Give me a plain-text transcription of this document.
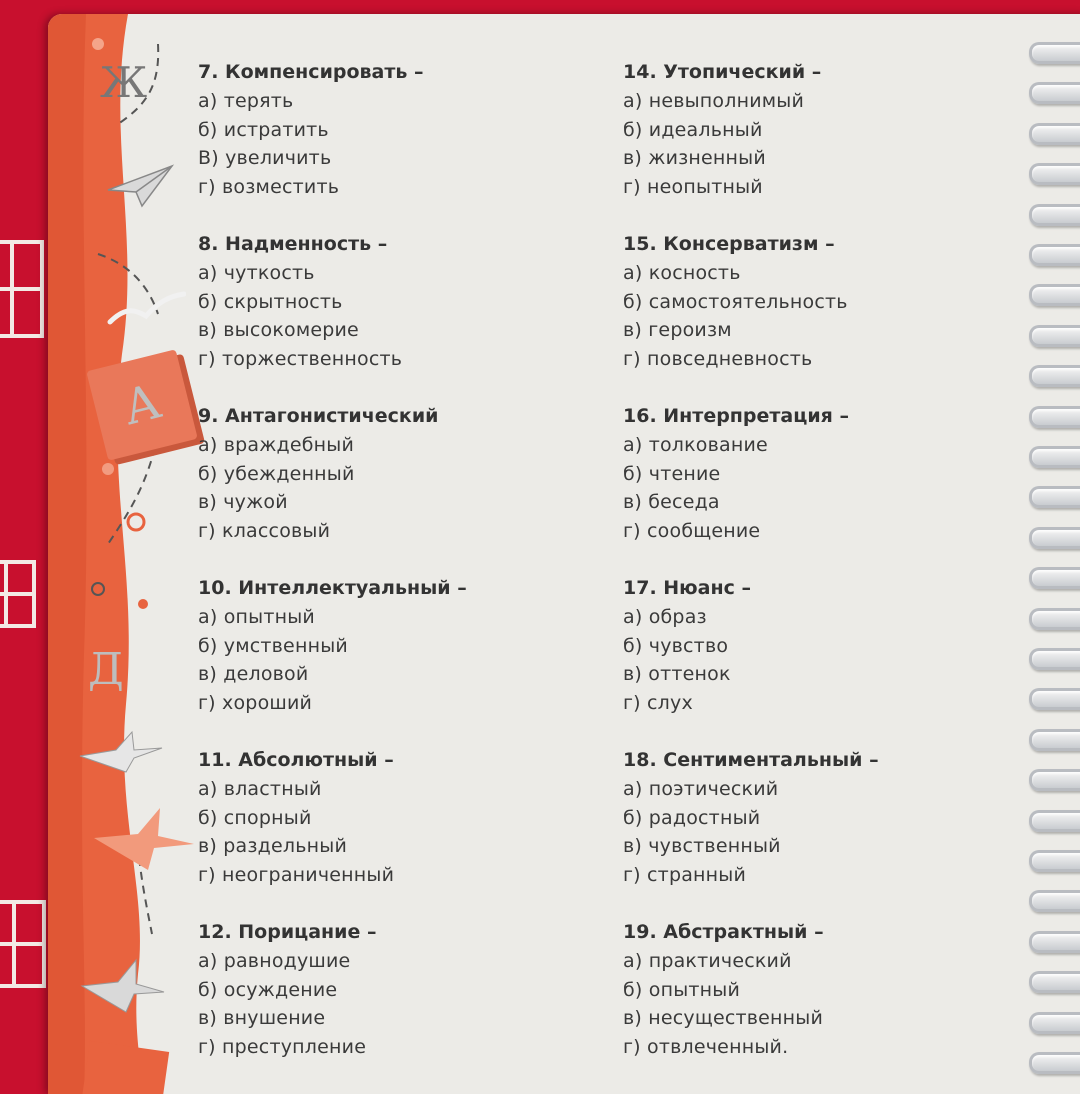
Ж
А
Д
7. Компенсировать –
а) терять
б) истратить
В) увеличить
г) возместить
8. Надменность –
а) чуткость
б) скрытность
в) высокомерие
г) торжественность
9. Антагонистический
а) враждебный
б) убежденный
в) чужой
г) классовый
10. Интеллектуальный –
а) опытный
б) умственный
в) деловой
г) хороший
11. Абсолютный –
а) властный
б) спорный
в) раздельный
г) неограниченный
12. Порицание –
а) равнодушие
б) осуждение
в) внушение
г) преступление
14. Утопический –
а) невыполнимый
б) идеальный
в) жизненный
г) неопытный
15. Консерватизм –
а) косность
б) самостоятельность
в) героизм
г) повседневность
16. Интерпретация –
а) толкование
б) чтение
в) беседа
г) сообщение
17. Нюанс –
а) образ
б) чувство
в) оттенок
г) слух
18. Сентиментальный –
а) поэтический
б) радостный
в) чувственный
г) странный
19. Абстрактный –
а) практический
б) опытный
в) несущественный
г) отвлеченный.
